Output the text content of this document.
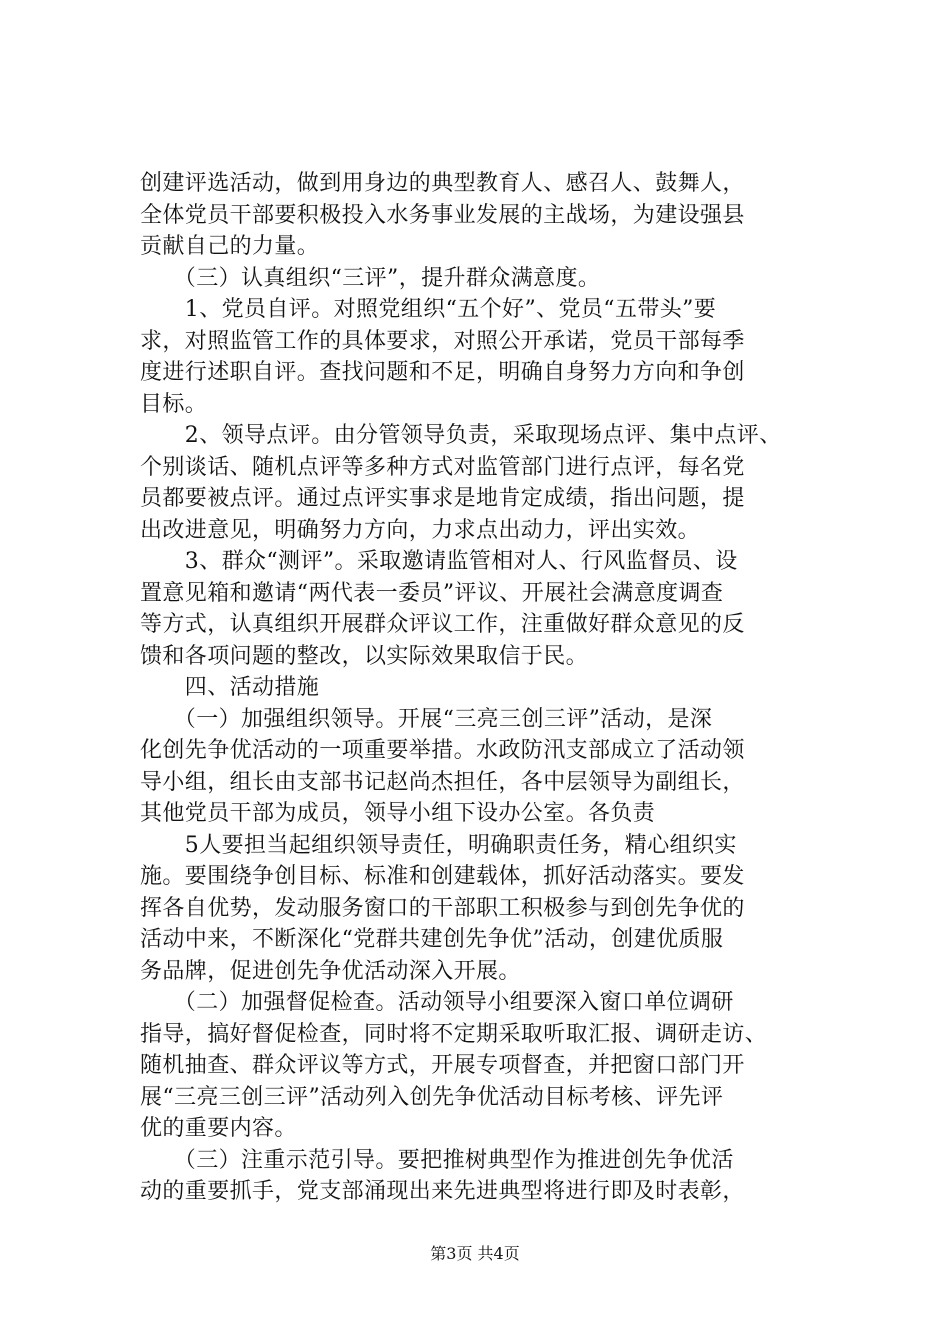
创建评选活动，做到用身边的典型教育人、感召人、鼓舞人，
全体党员干部要积极投入水务事业发展的主战场，为建设强县
贡献自己的力量。
　　（三）认真组织“三评”，提升群众满意度。
　　1、党员自评。对照党组织“五个好”、党员“五带头”要
求，对照监管工作的具体要求，对照公开承诺，党员干部每季
度进行述职自评。查找问题和不足，明确自身努力方向和争创
目标。
　　2、领导点评。由分管领导负责，采取现场点评、集中点评、
个别谈话、随机点评等多种方式对监管部门进行点评，每名党
员都要被点评。通过点评实事求是地肯定成绩，指出问题，提
出改进意见，明确努力方向，力求点出动力，评出实效。
　　3、群众“测评”。采取邀请监管相对人、行风监督员、设
置意见箱和邀请“两代表一委员”评议、开展社会满意度调查
等方式，认真组织开展群众评议工作，注重做好群众意见的反
馈和各项问题的整改，以实际效果取信于民。
　　四、活动措施
　　（一）加强组织领导。开展“三亮三创三评”活动，是深
化创先争优活动的一项重要举措。水政防汛支部成立了活动领
导小组，组长由支部书记赵尚杰担任，各中层领导为副组长，
其他党员干部为成员，领导小组下设办公室。各负责
　　5人要担当起组织领导责任，明确职责任务，精心组织实
施。要围绕争创目标、标准和创建载体，抓好活动落实。要发
挥各自优势，发动服务窗口的干部职工积极参与到创先争优的
活动中来，不断深化“党群共建创先争优”活动，创建优质服
务品牌，促进创先争优活动深入开展。
　　（二）加强督促检查。活动领导小组要深入窗口单位调研
指导，搞好督促检查，同时将不定期采取听取汇报、调研走访、
随机抽查、群众评议等方式，开展专项督查，并把窗口部门开
展“三亮三创三评”活动列入创先争优活动目标考核、评先评
优的重要内容。
　　（三）注重示范引导。要把推树典型作为推进创先争优活
动的重要抓手，党支部涌现出来先进典型将进行即及时表彰，
第3页 共4页
